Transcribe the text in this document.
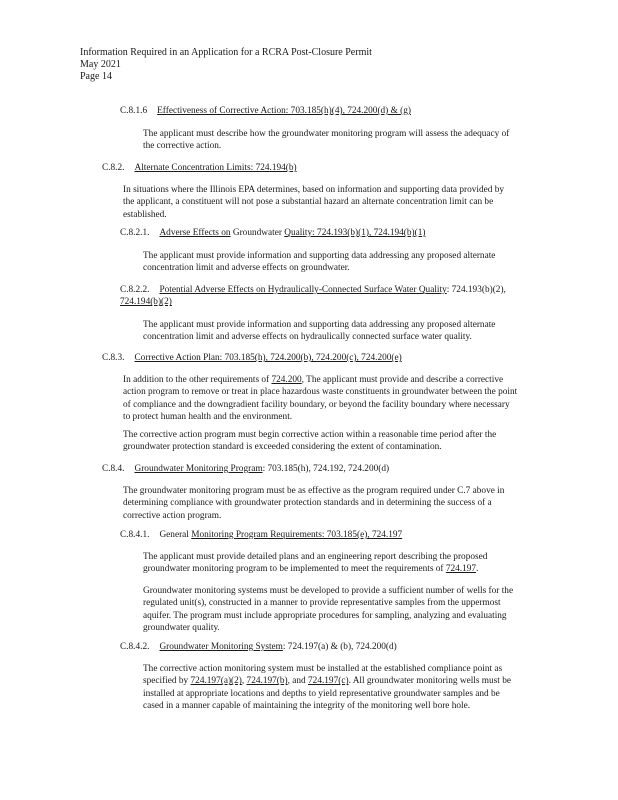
Information Required in an Application for a RCRA Post-Closure Permit
May 2021
Page 14
C.8.1.6 Effectiveness of Corrective Action: 703.185(h)(4), 724.200(d) & (g)
The applicant must describe how the groundwater monitoring program will assess the adequacy of
the corrective action.
C.8.2. Alternate Concentration Limits: 724.194(b)
In situations where the Illinois EPA determines, based on information and supporting data provided by
the applicant, a constituent will not pose a substantial hazard an alternate concentration limit can be
established.
C.8.2.1. Adverse Effects on Groundwater Quality: 724.193(b)(1), 724.194(b)(1)
The applicant must provide information and supporting data addressing any proposed alternate
concentration limit and adverse effects on groundwater.
C.8.2.2. Potential Adverse Effects on Hydraulically-Connected Surface Water Quality: 724.193(b)(2),
724.194(b)(2)
The applicant must provide information and supporting data addressing any proposed alternate
concentration limit and adverse effects on hydraulically connected surface water quality.
C.8.3. Corrective Action Plan: 703.185(h), 724.200(b), 724.200(c), 724.200(e)
In addition to the other requirements of 724.200, The applicant must provide and describe a corrective
action program to remove or treat in place hazardous waste constituents in groundwater between the point
of compliance and the downgradient facility boundary, or beyond the facility boundary where necessary
to protect human health and the environment.
The corrective action program must begin corrective action within a reasonable time period after the
groundwater protection standard is exceeded considering the extent of contamination.
C.8.4. Groundwater Monitoring Program: 703.185(h), 724.192, 724.200(d)
The groundwater monitoring program must be as effective as the program required under C.7 above in
determining compliance with groundwater protection standards and in determining the success of a
corrective action program.
C.8.4.1. General Monitoring Program Requirements: 703.185(e), 724.197
The applicant must provide detailed plans and an engineering report describing the proposed
groundwater monitoring program to be implemented to meet the requirements of 724.197.
Groundwater monitoring systems must be developed to provide a sufficient number of wells for the
regulated unit(s), constructed in a manner to provide representative samples from the uppermost
aquifer. The program must include appropriate procedures for sampling, analyzing and evaluating
groundwater quality.
C.8.4.2. Groundwater Monitoring System: 724.197(a) & (b), 724.200(d)
The corrective action monitoring system must be installed at the established compliance point as
specified by 724.197(a)(2), 724.197(b), and 724.197(c). All groundwater monitoring wells must be
installed at appropriate locations and depths to yield representative groundwater samples and be
cased in a manner capable of maintaining the integrity of the monitoring well bore hole.
